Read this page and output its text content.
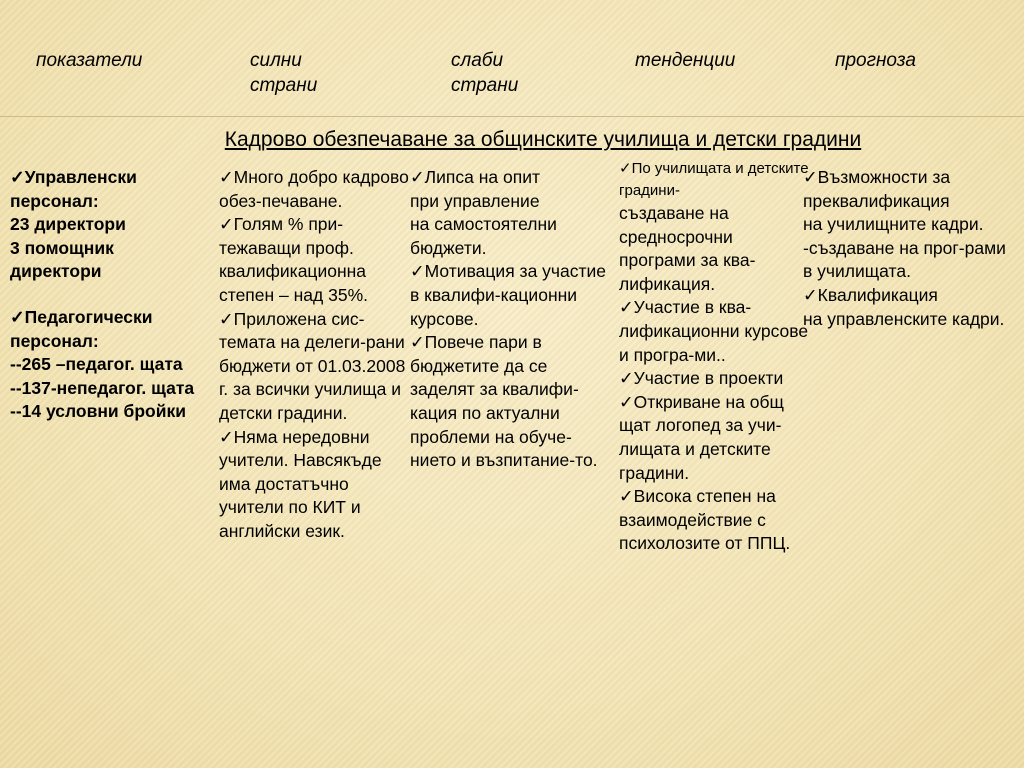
показатели	силни
страни
слаби
страни
тенденции	прогноза
Кадрово обезпечаване за общинските училища и детски градини
✓Управленски персонал:
23 директори
3 помощник директори
✓Педагогически персонал:
--265 –педагог. щата
--137-непедагог. щата
--14 условни бройки
✓Много добро кадрово обез-печаване.
✓Голям % при-тежаващи проф. квалификационна степен – над 35%.
✓Приложена сис-темата на делеги-рани бюджети от 01.03.2008 г. за всички училища и детски градини.
✓Няма нередовни учители. Навсякъде има достатъчно учители по КИТ и английски език.
✓Липса на опит
при управление
на самостоятелни бюджети.
✓Мотивация за участие в квалифи-кационни курсове.
✓Повече пари в бюджетите да се заделят за квалифи-кация по актуални проблеми на обуче-нието и възпитание-то.
✓По училищата и детските градини-
създаване на средносрочни програми за ква-лификация.
✓Участие в ква-лификационни курсове и програ-ми..
✓Участие в проекти
✓Откриване на общ щат логопед за учи-лищата и детските градини.
✓Висока степен на взаимодействие с психолозите от ППЦ.
✓Възможности за преквалификация
на училищните кадри.
-създаване на прог-рами в училищата.
✓Квалификация
на управленските кадри.
